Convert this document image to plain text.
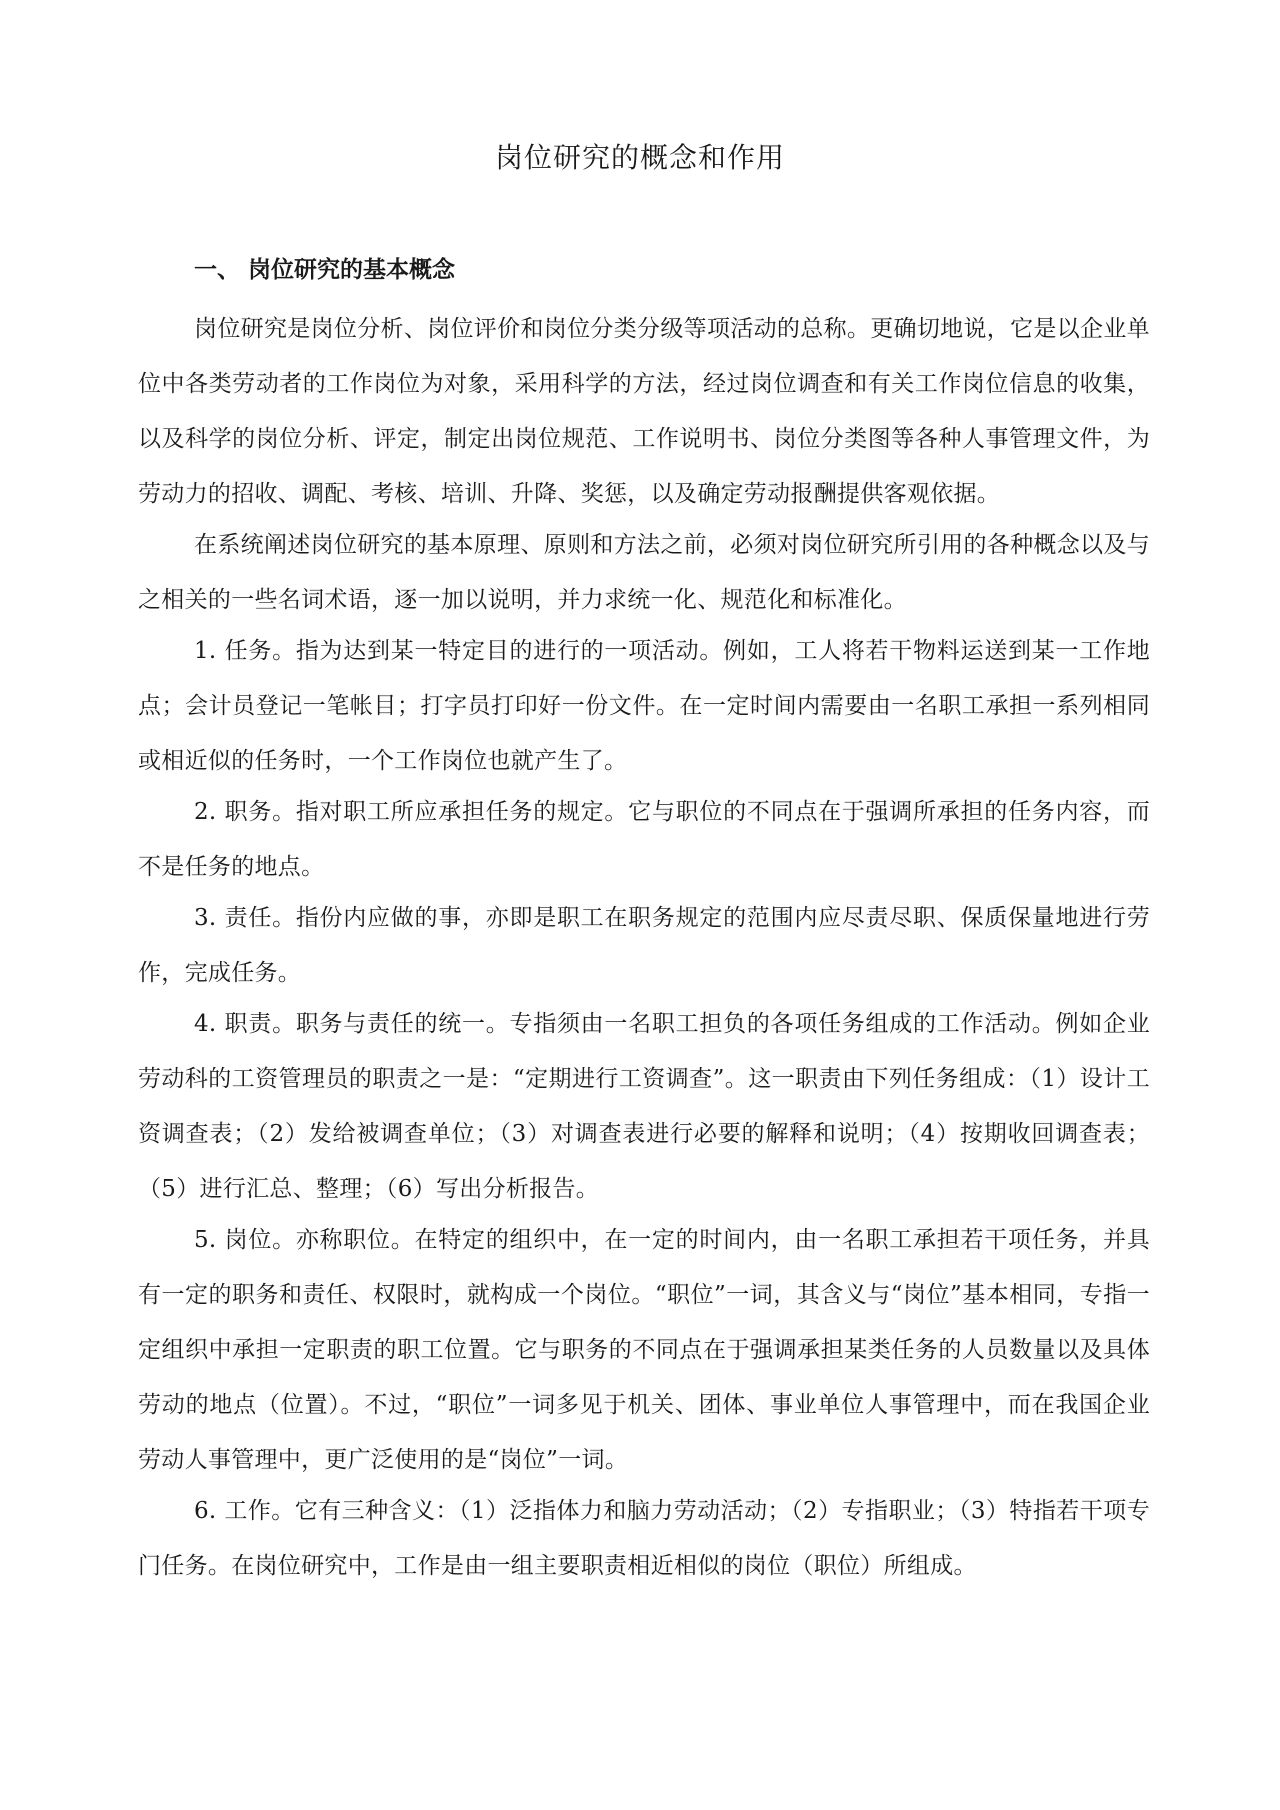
岗位研究的概念和作用
一、 岗位研究的基本概念

岗位研究是岗位分析、岗位评价和岗位分类分级等项活动的总称。更确切地说，它是以企业单位中各类劳动者的工作岗位为对象，采用科学的方法，经过岗位调查和有关工作岗位信息的收集，以及科学的岗位分析、评定，制定出岗位规范、工作说明书、岗位分类图等各种人事管理文件，为劳动力的招收、调配、考核、培训、升降、奖惩，以及确定劳动报酬提供客观依据。

在系统阐述岗位研究的基本原理、原则和方法之前，必须对岗位研究所引用的各种概念以及与之相关的一些名词术语，逐一加以说明，并力求统一化、规范化和标准化。

1. 任务。指为达到某一特定目的进行的一项活动。例如，工人将若干物料运送到某一工作地点；会计员登记一笔帐目；打字员打印好一份文件。在一定时间内需要由一名职工承担一系列相同或相近似的任务时，一个工作岗位也就产生了。

2. 职务。指对职工所应承担任务的规定。它与职位的不同点在于强调所承担的任务内容，而不是任务的地点。

3. 责任。指份内应做的事，亦即是职工在职务规定的范围内应尽责尽职、保质保量地进行劳作，完成任务。

4. 职责。职务与责任的统一。专指须由一名职工担负的各项任务组成的工作活动。例如企业劳动科的工资管理员的职责之一是：“定期进行工资调查”。这一职责由下列任务组成：（1）设计工资调查表；（2）发给被调查单位；（3）对调查表进行必要的解释和说明；（4）按期收回调查表；（5）进行汇总、整理；（6）写出分析报告。

5. 岗位。亦称职位。在特定的组织中，在一定的时间内，由一名职工承担若干项任务，并具有一定的职务和责任、权限时，就构成一个岗位。“职位”一词，其含义与“岗位”基本相同，专指一定组织中承担一定职责的职工位置。它与职务的不同点在于强调承担某类任务的人员数量以及具体劳动的地点（位置）。不过，“职位”一词多见于机关、团体、事业单位人事管理中，而在我国企业劳动人事管理中，更广泛使用的是“岗位”一词。

6. 工作。它有三种含义：（1）泛指体力和脑力劳动活动；（2）专指职业；（3）特指若干项专门任务。在岗位研究中，工作是由一组主要职责相近相似的岗位（职位）所组成。
